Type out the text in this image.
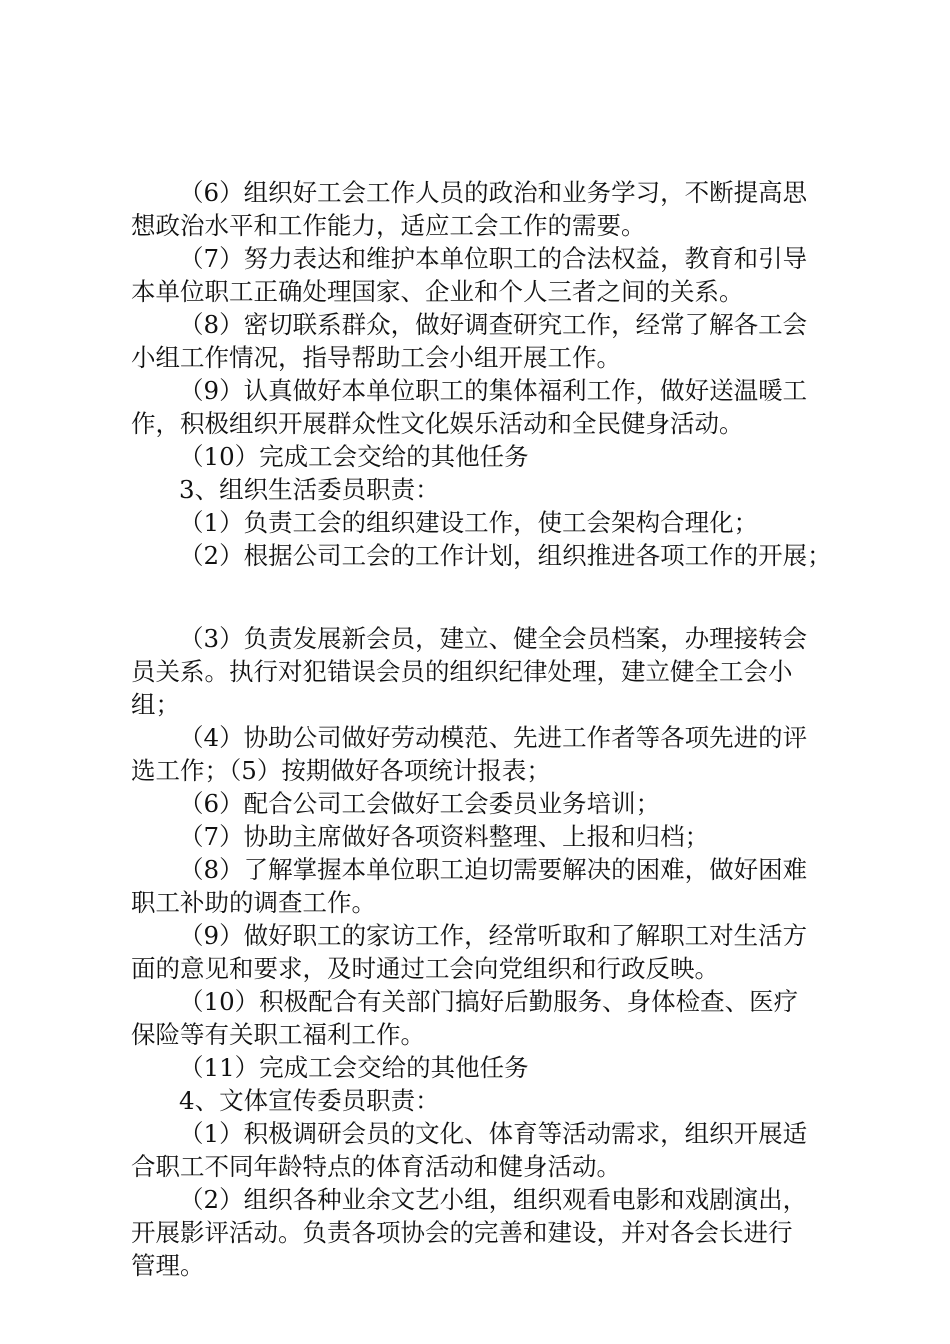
（6）组织好工会工作人员的政治和业务学习，不断提高思
想政治水平和工作能力，适应工会工作的需要。
（7）努力表达和维护本单位职工的合法权益，教育和引导
本单位职工正确处理国家、企业和个人三者之间的关系。
（8）密切联系群众，做好调查研究工作，经常了解各工会
小组工作情况，指导帮助工会小组开展工作。
（9）认真做好本单位职工的集体福利工作，做好送温暖工
作，积极组织开展群众性文化娱乐活动和全民健身活动。
（10）完成工会交给的其他任务
3、组织生活委员职责：
（1）负责工会的组织建设工作，使工会架构合理化；
（2）根据公司工会的工作计划，组织推进各项工作的开展；
（3）负责发展新会员，建立、健全会员档案，办理接转会
员关系。执行对犯错误会员的组织纪律处理，建立健全工会小
组；
（4）协助公司做好劳动模范、先进工作者等各项先进的评
选工作；（5）按期做好各项统计报表；
（6）配合公司工会做好工会委员业务培训；
（7）协助主席做好各项资料整理、上报和归档；
（8）了解掌握本单位职工迫切需要解决的困难，做好困难
职工补助的调查工作。
（9）做好职工的家访工作，经常听取和了解职工对生活方
面的意见和要求，及时通过工会向党组织和行政反映。
（10）积极配合有关部门搞好后勤服务、身体检查、医疗
保险等有关职工福利工作。
（11）完成工会交给的其他任务
4、文体宣传委员职责：
（1）积极调研会员的文化、体育等活动需求，组织开展适
合职工不同年龄特点的体育活动和健身活动。
（2）组织各种业余文艺小组，组织观看电影和戏剧演出，
开展影评活动。负责各项协会的完善和建设，并对各会长进行
管理。
